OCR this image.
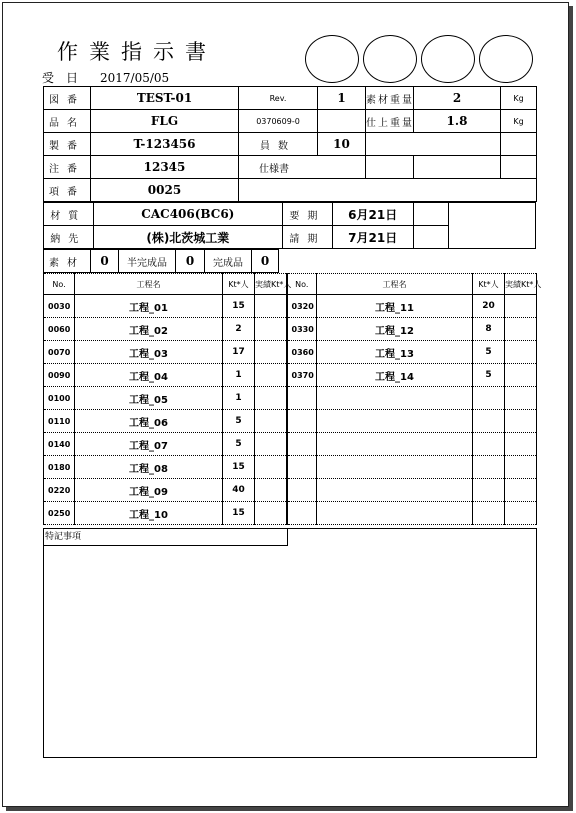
作業指示書
受日 2017/05/05
図番	TEST-01	Rev.	1	素材重量	2	Kg
品名	FLG	0370609-0		仕上重量	1.8	Kg
製番	T-123456	員数	10			
注番	12345	仕様書				
項番	0025					
材質	CAC406(BC6)	要期	6月21日		
納先	(株)北茨城工業	請期	7月21日		
素材	0	半完成品	0	完成品	0	
No.	工程名	Kt*人	実績Kt*人	No.	工程名	Kt*人	実績Kt*人
0030	工程_01	15		0320	工程_11	20	
0060	工程_02	2		0330	工程_12	8	
0070	工程_03	17		0360	工程_13	5	
0090	工程_04	1		0370	工程_14	5	
0100	工程_05	1					
0110	工程_06	5					
0140	工程_07	5					
0180	工程_08	15					
0220	工程_09	40					
0250	工程_10	15					
特記事項
